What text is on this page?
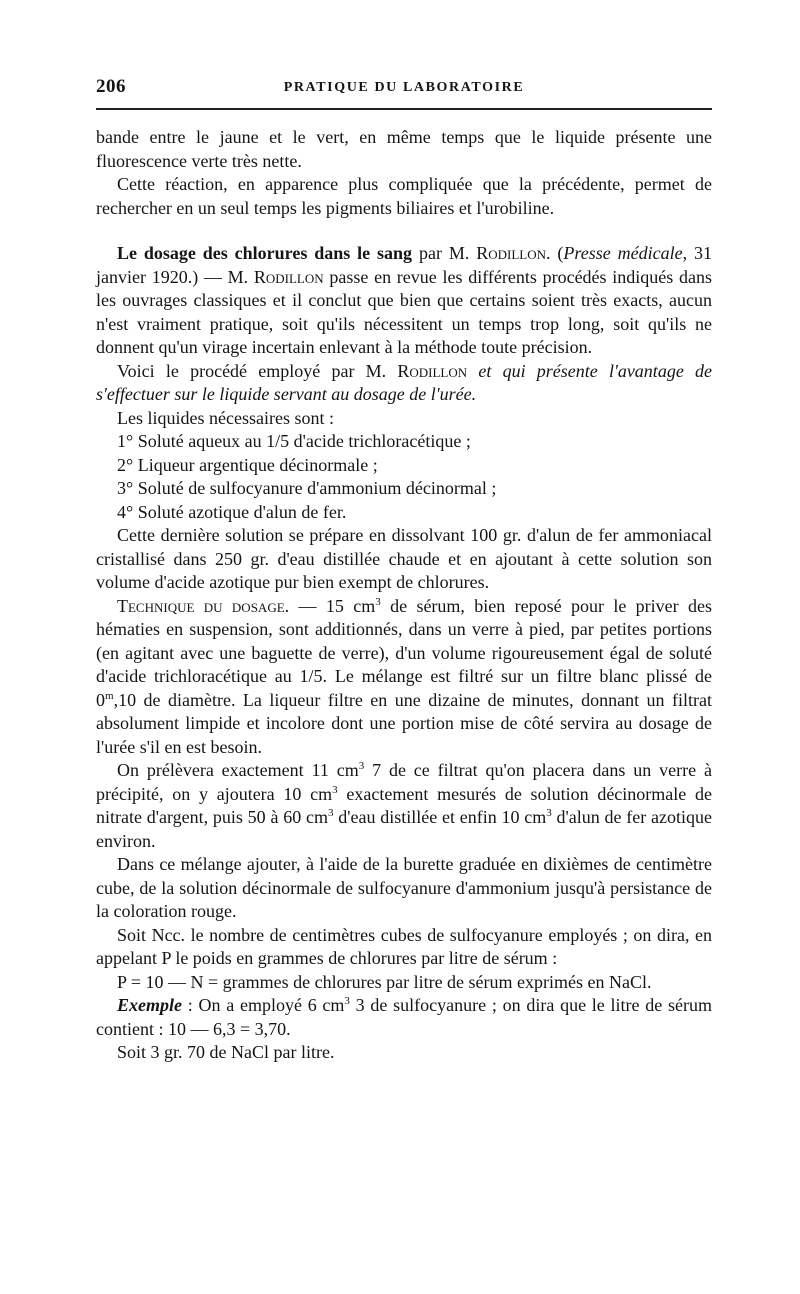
206	PRATIQUE DU LABORATOIRE

bande entre le jaune et le vert, en même temps que le liquide présente une fluorescence verte très nette.

Cette réaction, en apparence plus compliquée que la précédente, permet de rechercher en un seul temps les pigments biliaires et l'urobiline.

Le dosage des chlorures dans le sang par M. Rodillon. (Presse médicale, 31 janvier 1920.) — M. Rodillon passe en revue les différents procédés indiqués dans les ouvrages classiques et il conclut que bien que certains soient très exacts, aucun n'est vraiment pratique, soit qu'ils nécessitent un temps trop long, soit qu'ils ne donnent qu'un virage incertain enlevant à la méthode toute précision.

Voici le procédé employé par M. Rodillon et qui présente l'avantage de s'effectuer sur le liquide servant au dosage de l'urée.

Les liquides nécessaires sont :

1° Soluté aqueux au 1/5 d'acide trichloracétique ;

2° Liqueur argentique décinormale ;

3° Soluté de sulfocyanure d'ammonium décinormal ;

4° Soluté azotique d'alun de fer.

Cette dernière solution se prépare en dissolvant 100 gr. d'alun de fer ammoniacal cristallisé dans 250 gr. d'eau distillée chaude et en ajoutant à cette solution son volume d'acide azotique pur bien exempt de chlorures.

Technique du dosage. — 15 $cm^3$ de sérum, bien reposé pour le priver des hématies en suspension, sont additionnés, dans un verre à pied, par petites portions (en agitant avec une baguette de verre), d'un volume rigoureusement égal de soluté d'acide trichloracétique au 1/5. Le mélange est filtré sur un filtre blanc plissé de 0$^m$,10 de diamètre. La liqueur filtre en une dizaine de minutes, donnant un filtrat absolument limpide et incolore dont une portion mise de côté servira au dosage de l'urée s'il en est besoin.

On prélèvera exactement 11 $cm^3$ 7 de ce filtrat qu'on placera dans un verre à précipité, on y ajoutera 10 $cm^3$ exactement mesurés de solution décinormale de nitrate d'argent, puis 50 à 60 $cm^3$ d'eau distillée et enfin 10 $cm^3$ d'alun de fer azotique environ.

Dans ce mélange ajouter, à l'aide de la burette graduée en dixièmes de centimètre cube, de la solution décinormale de sulfocyanure d'ammonium jusqu'à persistance de la coloration rouge.

Soit Ncc. le nombre de centimètres cubes de sulfocyanure employés ; on dira, en appelant P le poids en grammes de chlorures par litre de sérum :

P = 10 — N = grammes de chlorures par litre de sérum exprimés en NaCl.

Exemple : On a employé 6 $cm^3$ 3 de sulfocyanure ; on dira que le litre de sérum contient : 10 — 6,3 = 3,70.

Soit 3 gr. 70 de NaCl par litre.
